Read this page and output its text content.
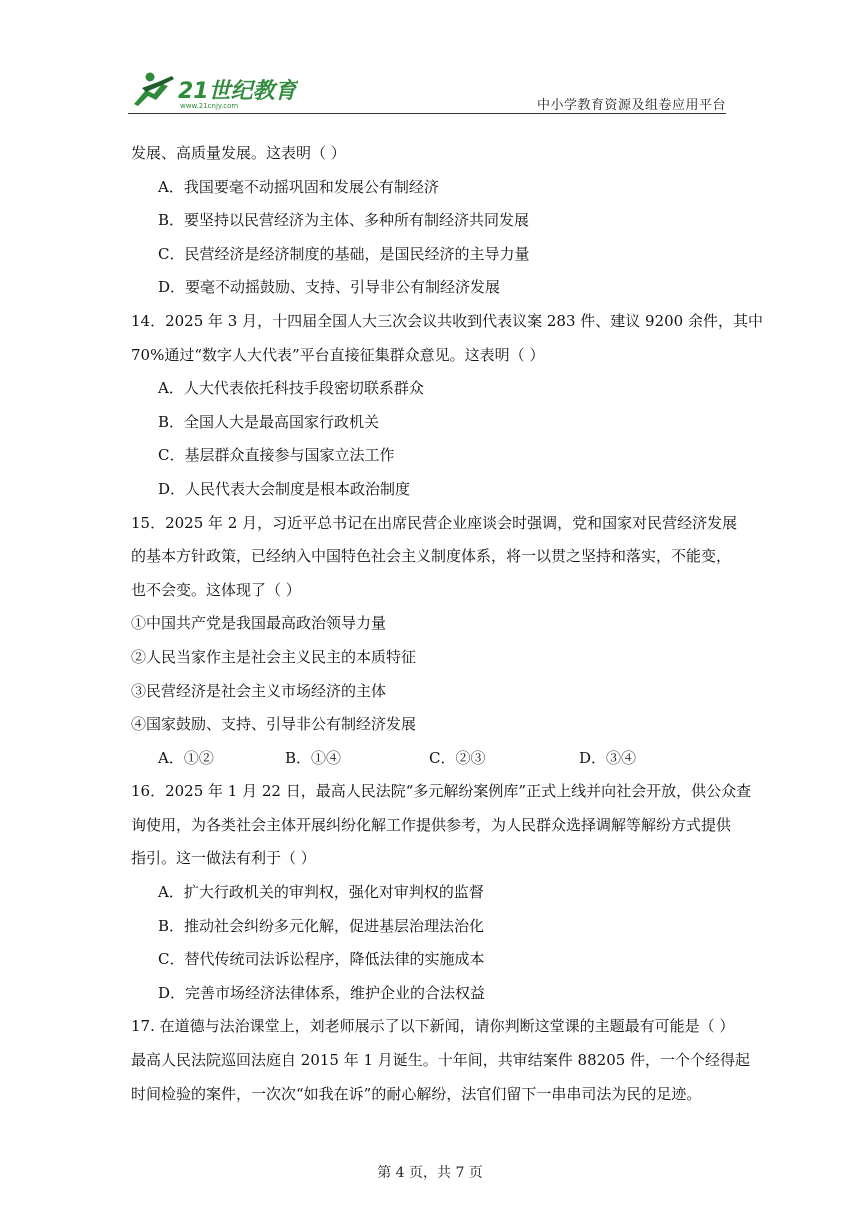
21世纪教育
www.21cnjy.com	中小学教育资源及组卷应用平台
发展、高质量发展。这表明（ ）
A．我国要毫不动摇巩固和发展公有制经济
B．要坚持以民营经济为主体、多种所有制经济共同发展
C．民营经济是经济制度的基础，是国民经济的主导力量
D．要毫不动摇鼓励、支持、引导非公有制经济发展
14．2025 年 3 月，十四届全国人大三次会议共收到代表议案 283 件、建议 9200 余件，其中
70%通过“数字人大代表”平台直接征集群众意见。这表明（ ）
A．人大代表依托科技手段密切联系群众
B．全国人大是最高国家行政机关
C．基层群众直接参与国家立法工作
D．人民代表大会制度是根本政治制度
15．2025 年 2 月，习近平总书记在出席民营企业座谈会时强调，党和国家对民营经济发展
的基本方针政策，已经纳入中国特色社会主义制度体系，将一以贯之坚持和落实，不能变，
也不会变。这体现了（ ）
①中国共产党是我国最高政治领导力量
②人民当家作主是社会主义民主的本质特征
③民营经济是社会主义市场经济的主体
④国家鼓励、支持、引导非公有制经济发展
A．①②	B．①④	C．②③	D．③④
16．2025 年 1 月 22 日，最高人民法院“多元解纷案例库”正式上线并向社会开放，供公众查
询使用，为各类社会主体开展纠纷化解工作提供参考，为人民群众选择调解等解纷方式提供
指引。这一做法有利于（ ）
A．扩大行政机关的审判权，强化对审判权的监督
B．推动社会纠纷多元化解，促进基层治理法治化
C．替代传统司法诉讼程序，降低法律的实施成本
D．完善市场经济法律体系，维护企业的合法权益
17. 在道德与法治课堂上，刘老师展示了以下新闻，请你判断这堂课的主题最有可能是（ ）
最高人民法院巡回法庭自 2015 年 1 月诞生。十年间，共审结案件 88205 件，一个个经得起
时间检验的案件，一次次“如我在诉”的耐心解纷，法官们留下一串串司法为民的足迹。
第 4 页，共 7 页
